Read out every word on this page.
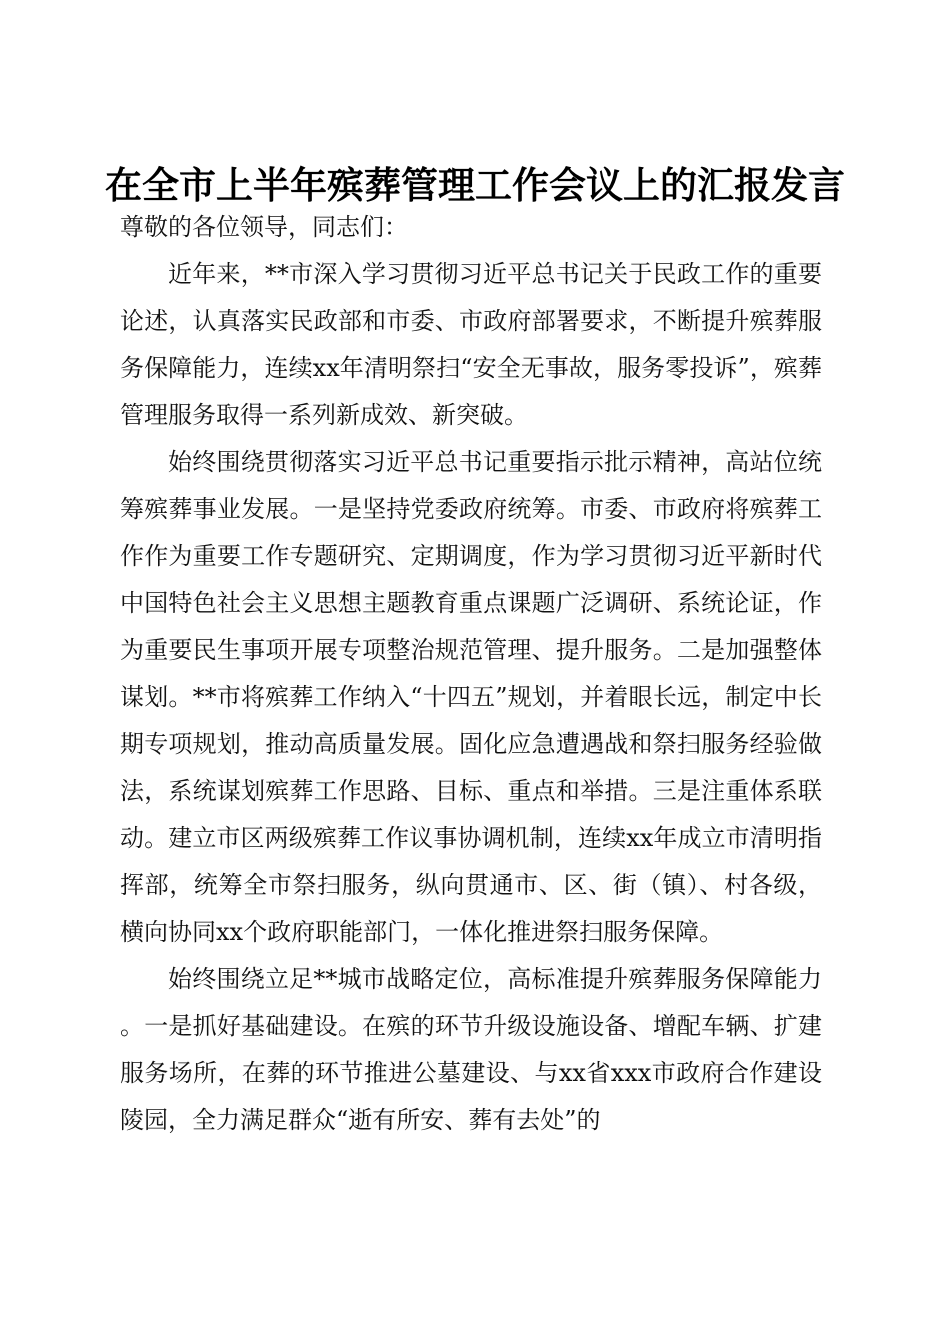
在全市上半年殡葬管理工作会议上的汇报发言

尊敬的各位领导，同志们：

近年来，**市深入学习贯彻习近平总书记关于民政工作的重要论述，认真落实民政部和市委、市政府部署要求，不断提升殡葬服务保障能力，连续xx年清明祭扫“安全无事故，服务零投诉”，殡葬管理服务取得一系列新成效、新突破。

始终围绕贯彻落实习近平总书记重要指示批示精神，高站位统筹殡葬事业发展。一是坚持党委政府统筹。市委、市政府将殡葬工作作为重要工作专题研究、定期调度，作为学习贯彻习近平新时代中国特色社会主义思想主题教育重点课题广泛调研、系统论证，作为重要民生事项开展专项整治规范管理、提升服务。二是加强整体谋划。**市将殡葬工作纳入“十四五”规划，并着眼长远，制定中长期专项规划，推动高质量发展。固化应急遭遇战和祭扫服务经验做法，系统谋划殡葬工作思路、目标、重点和举措。三是注重体系联动。建立市区两级殡葬工作议事协调机制，连续xx年成立市清明指挥部，统筹全市祭扫服务，纵向贯通市、区、街（镇）、村各级，横向协同xx个政府职能部门，一体化推进祭扫服务保障。

始终围绕立足**城市战略定位，高标准提升殡葬服务保障能力。一是抓好基础建设。在殡的环节升级设施设备、增配车辆、扩建服务场所，在葬的环节推进公墓建设、与xx省xxx市政府合作建设陵园，全力满足群众“逝有所安、葬有去处”的
